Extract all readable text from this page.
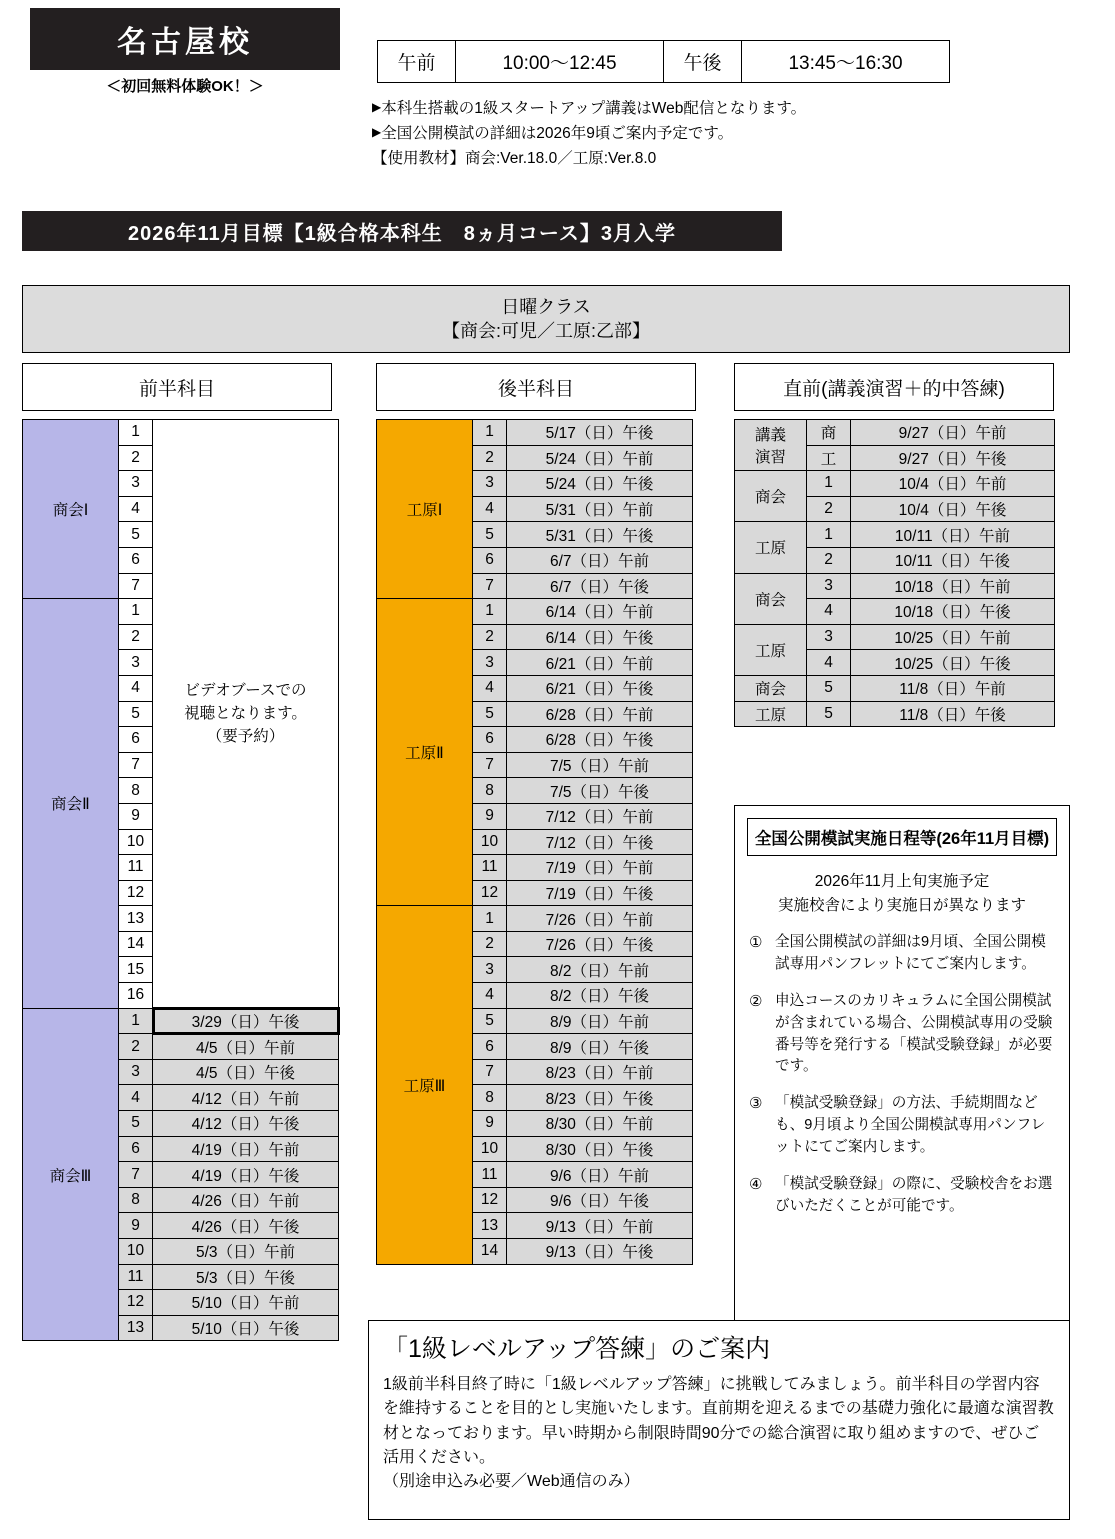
名古屋校
＜初回無料体験OK！＞
午前	10:00〜12:45	午後	13:45〜16:30
▶本科生搭載の1級スタートアップ講義はWeb配信となります。
▶全国公開模試の詳細は2026年9頃ご案内予定です。
【使用教材】商会:Ver.18.0／工原:Ver.8.0
2026年11月目標【1級合格本科生　8ヵ月コース】3月入学
日曜クラス
【商会:可児／工原:乙部】
前半科目	後半科目	直前(講義演習＋的中答練)
商会Ⅰ	1	ビデオブースでの
視聴となります。
（要予約）

	2	
	3	
	4	
	5	
	6	
	7	
商会Ⅱ	1	
	2	
	3	
	4	
	5	
	6	
	7	
	8	
	9	
	10	
	11	
	12	
	13	
	14	
	15	
	16	
商会Ⅲ	1	3/29（日）午後
	2	4/5（日）午前
	3	4/5（日）午後
	4	4/12（日）午前
	5	4/12（日）午後
	6	4/19（日）午前
	7	4/19（日）午後
	8	4/26（日）午前
	9	4/26（日）午後
	10	5/3（日）午前
	11	5/3（日）午後
	12	5/10（日）午前
	13	5/10（日）午後
工原Ⅰ	1	5/17（日）午後
	2	5/24（日）午前
	3	5/24（日）午後
	4	5/31（日）午前
	5	5/31（日）午後
	6	6/7（日）午前
	7	6/7（日）午後
工原Ⅱ	1	6/14（日）午前
	2	6/14（日）午後
	3	6/21（日）午前
	4	6/21（日）午後
	5	6/28（日）午前
	6	6/28（日）午後
	7	7/5（日）午前
	8	7/5（日）午後
	9	7/12（日）午前
	10	7/12（日）午後
	11	7/19（日）午前
	12	7/19（日）午後
工原Ⅲ	1	7/26（日）午前
	2	7/26（日）午後
	3	8/2（日）午前
	4	8/2（日）午後
	5	8/9（日）午前
	6	8/9（日）午後
	7	8/23（日）午前
	8	8/23（日）午後
	9	8/30（日）午前
	10	8/30（日）午後
	11	9/6（日）午前
	12	9/6（日）午後
	13	9/13（日）午前
	14	9/13（日）午後
講義
演習	商	9/27（日）午前
	工	9/27（日）午後

商会	1	10/4（日）午前
	2	10/4（日）午後

工原	1	10/11（日）午前
	2	10/11（日）午後

商会	3	10/18（日）午前
	4	10/18（日）午後

工原	3	10/25（日）午前
	4	10/25（日）午後

商会	5	11/8（日）午前

工原	5	11/8（日）午後
全国公開模試実施日程等(26年11月目標)
2026年11月上旬実施予定
実施校舎により実施日が異なります
① 全国公開模試の詳細は9月頃、全国公開模試専用パンフレットにてご案内します。
② 申込コースのカリキュラムに全国公開模試が含まれている場合、公開模試専用の受験番号等を発行する「模試受験登録」が必要です。
③ 「模試受験登録」の方法、手続期間なども、9月頃より全国公開模試専用パンフレットにてご案内します。
④ 「模試受験登録」の際に、受験校舎をお選びいただくことが可能です。
「1級レベルアップ答練」のご案内
1級前半科目終了時に「1級レベルアップ答練」に挑戦してみましょう。前半科目の学習内容を維持することを目的とし実施いたします。直前期を迎えるまでの基礎力強化に最適な演習教材となっております。早い時期から制限時間90分での総合演習に取り組めますので、ぜひご活用ください。
（別途申込み必要／Web通信のみ）
